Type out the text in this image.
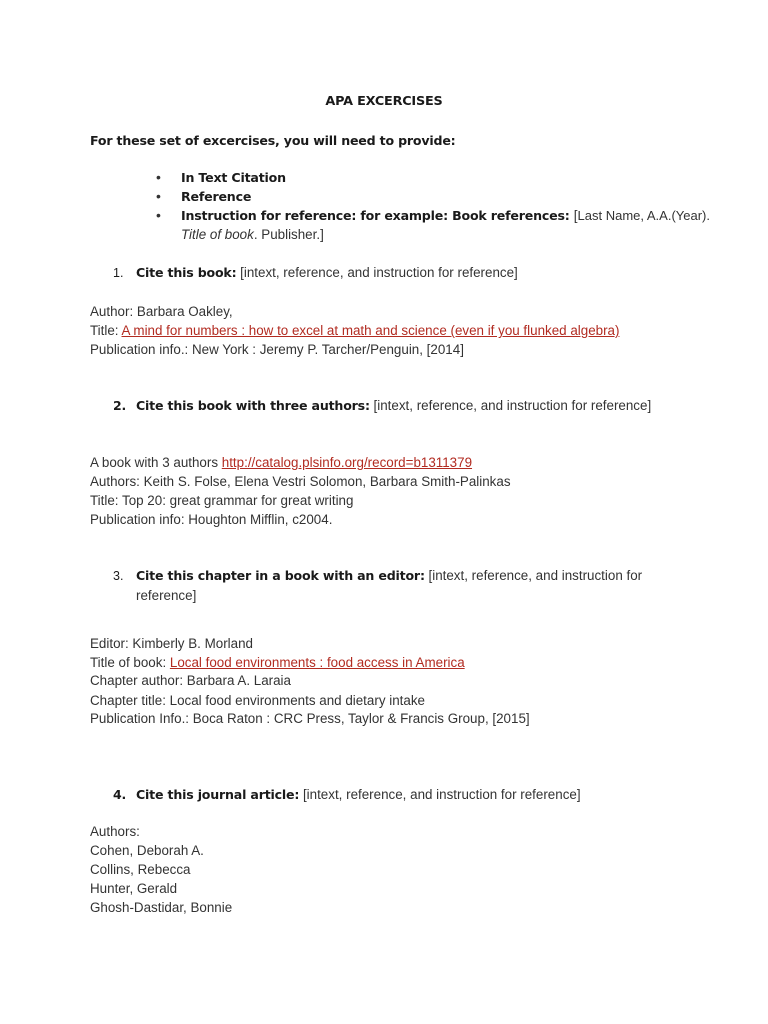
APA EXCERCISES
For these set of excercises, you will need to provide:
• In Text Citation
• Reference
• Instruction for reference: for example: Book references: [Last Name, A.A.(Year).
Title of book. Publisher.]
1. Cite this book: [intext, reference, and instruction for reference]
Author: Barbara Oakley,
Title: A mind for numbers : how to excel at math and science (even if you flunked algebra)
Publication info.: New York : Jeremy P. Tarcher/Penguin, [2014]
2. Cite this book with three authors: [intext, reference, and instruction for reference]
A book with 3 authors http://catalog.plsinfo.org/record=b1311379
Authors: Keith S. Folse, Elena Vestri Solomon, Barbara Smith-Palinkas
Title: Top 20: great grammar for great writing
Publication info: Houghton Mifflin, c2004.
3. Cite this chapter in a book with an editor: [intext, reference, and instruction for
reference]
Editor: Kimberly B. Morland
Title of book: Local food environments : food access in America
Chapter author: Barbara A. Laraia
Chapter title: Local food environments and dietary intake
Publication Info.: Boca Raton : CRC Press, Taylor & Francis Group, [2015]
4. Cite this journal article: [intext, reference, and instruction for reference]
Authors:
Cohen, Deborah A.
Collins, Rebecca
Hunter, Gerald
Ghosh-Dastidar, Bonnie
